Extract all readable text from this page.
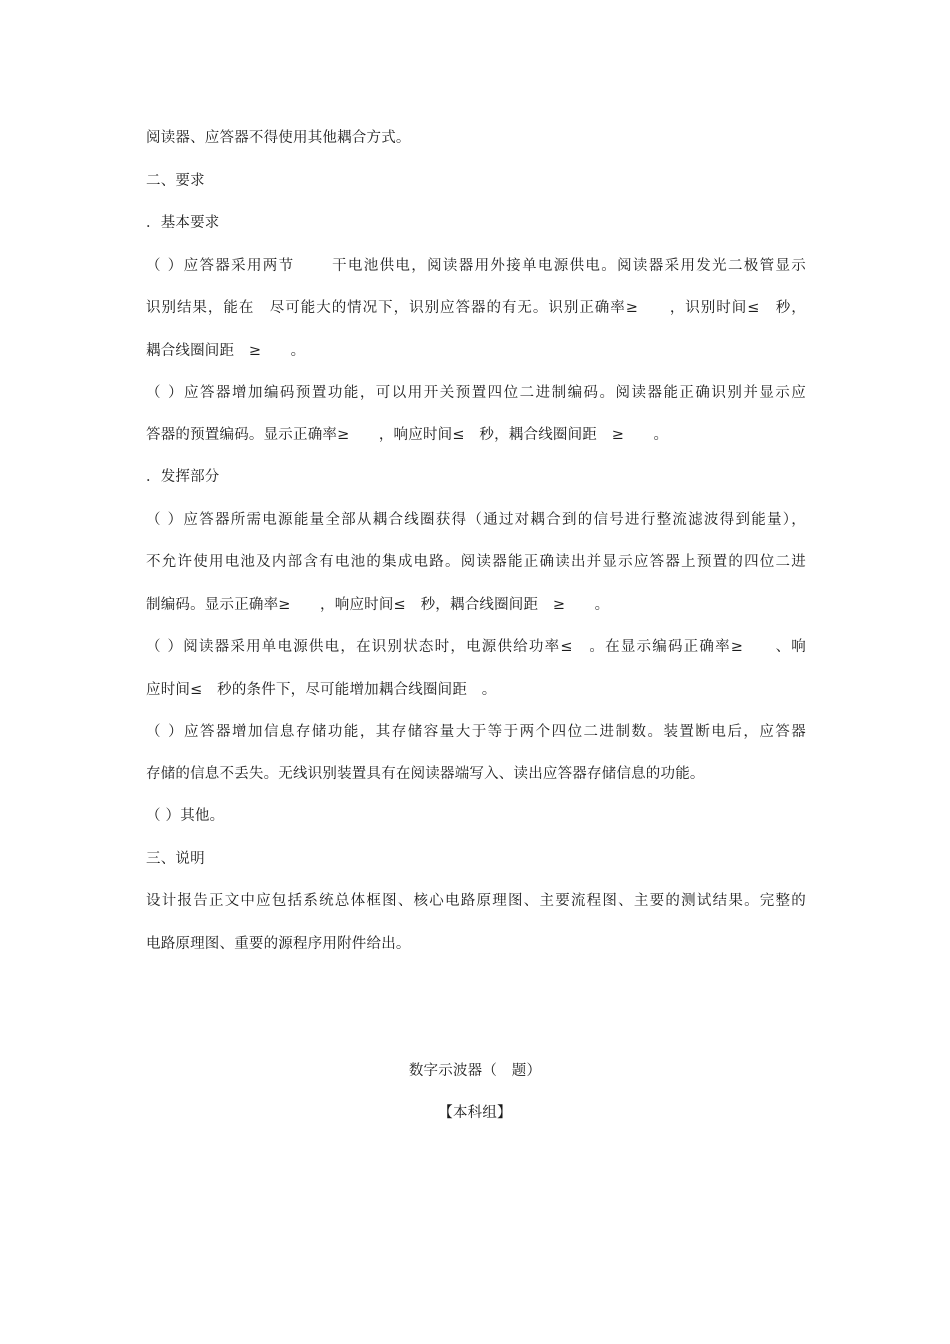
阅读器、应答器不得使用其他耦合方式。
二、要求
．基本要求
（ ）应答器采用两节　　 干电池供电，阅读器用外接单电源供电。阅读器采用发光二极管显示
识别结果，能在　尽可能大的情况下，识别应答器的有无。识别正确率≥　　，识别时间≤　秒，
耦合线圈间距　≥　　。
（ ）应答器增加编码预置功能，可以用开关预置四位二进制编码。阅读器能正确识别并显示应
答器的预置编码。显示正确率≥　　，响应时间≤　秒，耦合线圈间距　≥　　。
．发挥部分
（ ）应答器所需电源能量全部从耦合线圈获得（通过对耦合到的信号进行整流滤波得到能量），
不允许使用电池及内部含有电池的集成电路。阅读器能正确读出并显示应答器上预置的四位二进
制编码。显示正确率≥　　，响应时间≤　秒，耦合线圈间距　≥　　。
（ ）阅读器采用单电源供电，在识别状态时，电源供给功率≤　。在显示编码正确率≥　　、响
应时间≤　秒的条件下，尽可能增加耦合线圈间距　。
（ ）应答器增加信息存储功能，其存储容量大于等于两个四位二进制数。装置断电后，应答器
存储的信息不丢失。无线识别装置具有在阅读器端写入、读出应答器存储信息的功能。
（ ）其他。
三、说明
设计报告正文中应包括系统总体框图、核心电路原理图、主要流程图、主要的测试结果。完整的
电路原理图、重要的源程序用附件给出。
数字示波器（　题）
【本科组】
